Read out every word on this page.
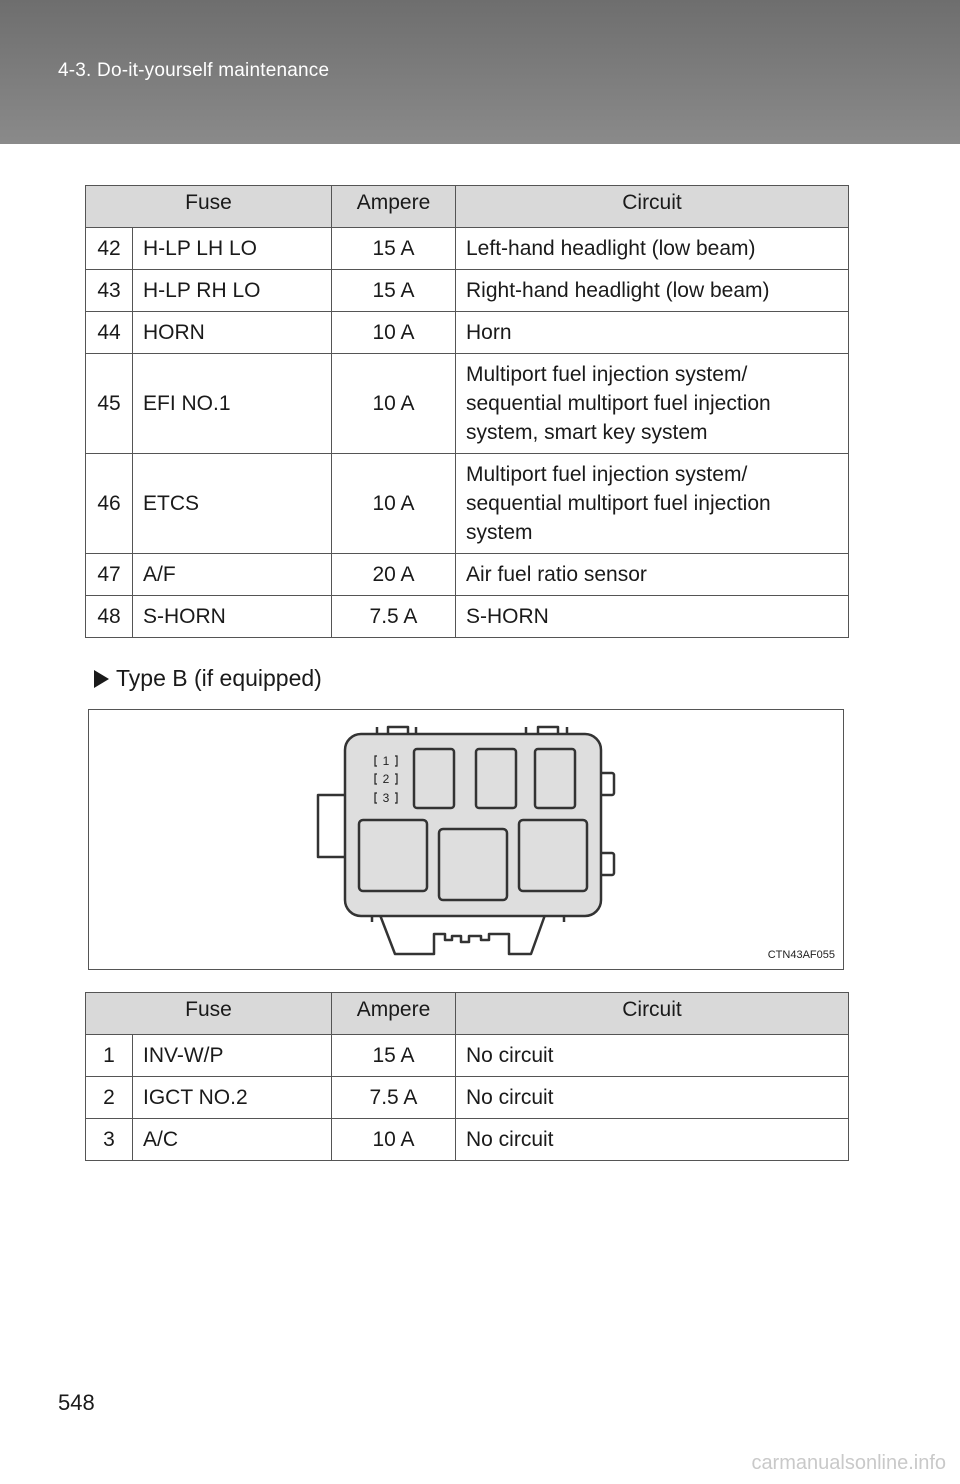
4-3. Do-it-yourself maintenance
Fuse		Ampere	Circuit
42	H-LP LH LO	15 A	Left-hand headlight (low beam)
43	H-LP RH LO	15 A	Right-hand headlight (low beam)
44	HORN	10 A	Horn
45	EFI NO.1	10 A	Multiport fuel injection system/
sequential multiport fuel injection
system, smart key system
46	ETCS	10 A	Multiport fuel injection system/
sequential multiport fuel injection
system
47	A/F	20 A	Air fuel ratio sensor
48	S-HORN	7.5 A	S-HORN
Type B (if equipped)
1
2
3
CTN43AF055
Fuse		Ampere	Circuit
1	INV-W/P	15 A	No circuit
2	IGCT NO.2	7.5 A	No circuit
3	A/C	10 A	No circuit
548
carmanualsonline.info
